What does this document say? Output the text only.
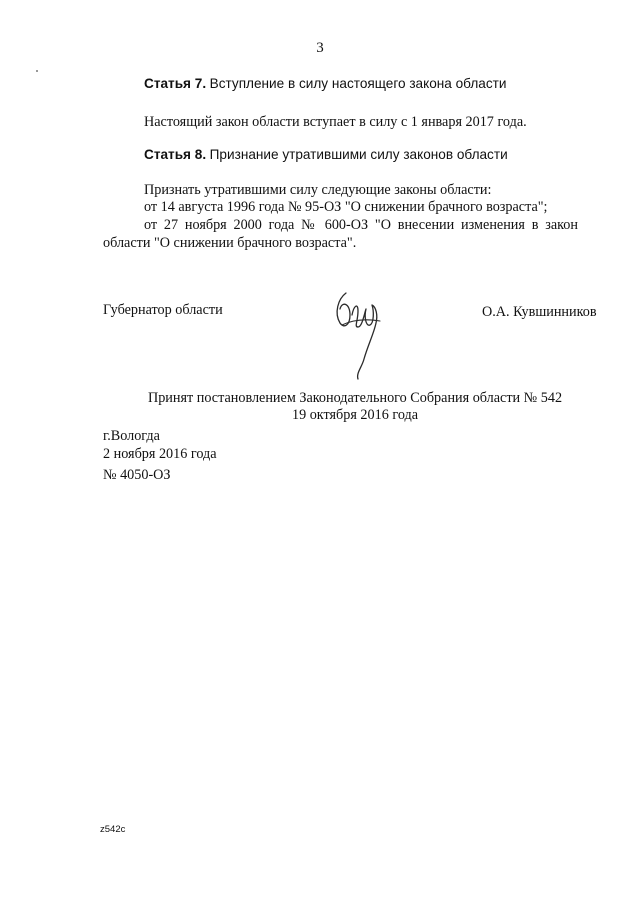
3
Статья 7. Вступление в силу настоящего закона области
Настоящий закон области вступает в силу с 1 января 2017 года.
Статья 8. Признание утратившими силу законов области
Признать утратившими силу следующие законы области:
от 14 августа 1996 года № 95-ОЗ "О снижении брачного возраста";
от 27 ноября 2000 года № 600-ОЗ "О внесении изменения в закон
области "О снижении брачного возраста".
Губернатор области	О.А. Кувшинников
Принят постановлением Законодательного Собрания области № 542
19 октября 2016 года
г.Вологда
2 ноября 2016 года
№ 4050-ОЗ
z542c
